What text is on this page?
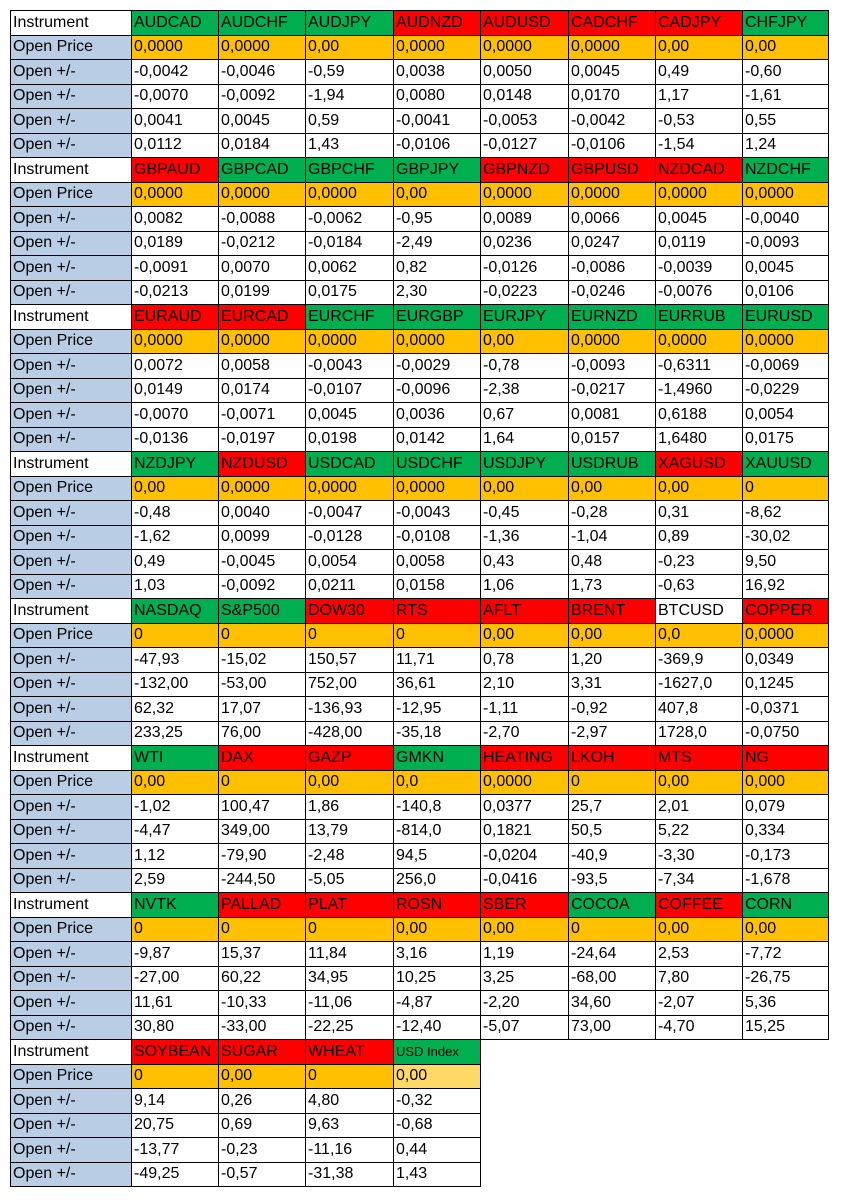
Instrument	AUDCAD	AUDCHF	AUDJPY	AUDNZD	AUDUSD	CADCHF	CADJPY	CHFJPY
Open Price	0,0000	0,0000	0,00	0,0000	0,0000	0,0000	0,00	0,00
Open +/-	-0,0042	-0,0046	-0,59	0,0038	0,0050	0,0045	0,49	-0,60
Open +/-	-0,0070	-0,0092	-1,94	0,0080	0,0148	0,0170	1,17	-1,61
Open +/-	0,0041	0,0045	0,59	-0,0041	-0,0053	-0,0042	-0,53	0,55
Open +/-	0,0112	0,0184	1,43	-0,0106	-0,0127	-0,0106	-1,54	1,24
Instrument	GBPAUD	GBPCAD	GBPCHF	GBPJPY	GBPNZD	GBPUSD	NZDCAD	NZDCHF
Open Price	0,0000	0,0000	0,0000	0,00	0,0000	0,0000	0,0000	0,0000
Open +/-	0,0082	-0,0088	-0,0062	-0,95	0,0089	0,0066	0,0045	-0,0040
Open +/-	0,0189	-0,0212	-0,0184	-2,49	0,0236	0,0247	0,0119	-0,0093
Open +/-	-0,0091	0,0070	0,0062	0,82	-0,0126	-0,0086	-0,0039	0,0045
Open +/-	-0,0213	0,0199	0,0175	2,30	-0,0223	-0,0246	-0,0076	0,0106
Instrument	EURAUD	EURCAD	EURCHF	EURGBP	EURJPY	EURNZD	EURRUB	EURUSD
Open Price	0,0000	0,0000	0,0000	0,0000	0,00	0,0000	0,0000	0,0000
Open +/-	0,0072	0,0058	-0,0043	-0,0029	-0,78	-0,0093	-0,6311	-0,0069
Open +/-	0,0149	0,0174	-0,0107	-0,0096	-2,38	-0,0217	-1,4960	-0,0229
Open +/-	-0,0070	-0,0071	0,0045	0,0036	0,67	0,0081	0,6188	0,0054
Open +/-	-0,0136	-0,0197	0,0198	0,0142	1,64	0,0157	1,6480	0,0175
Instrument	NZDJPY	NZDUSD	USDCAD	USDCHF	USDJPY	USDRUB	XAGUSD	XAUUSD
Open Price	0,00	0,0000	0,0000	0,0000	0,00	0,00	0,00	0
Open +/-	-0,48	0,0040	-0,0047	-0,0043	-0,45	-0,28	0,31	-8,62
Open +/-	-1,62	0,0099	-0,0128	-0,0108	-1,36	-1,04	0,89	-30,02
Open +/-	0,49	-0,0045	0,0054	0,0058	0,43	0,48	-0,23	9,50
Open +/-	1,03	-0,0092	0,0211	0,0158	1,06	1,73	-0,63	16,92
Instrument	NASDAQ	S&P500	DOW30	RTS	AFLT	BRENT	BTCUSD	COPPER
Open Price	0	0	0	0	0,00	0,00	0,0	0,0000
Open +/-	-47,93	-15,02	150,57	11,71	0,78	1,20	-369,9	0,0349
Open +/-	-132,00	-53,00	752,00	36,61	2,10	3,31	-1627,0	0,1245
Open +/-	62,32	17,07	-136,93	-12,95	-1,11	-0,92	407,8	-0,0371
Open +/-	233,25	76,00	-428,00	-35,18	-2,70	-2,97	1728,0	-0,0750
Instrument	WTI	DAX	GAZP	GMKN	HEATING	LKOH	MTS	NG
Open Price	0,00	0	0,00	0,0	0,0000	0	0,00	0,000
Open +/-	-1,02	100,47	1,86	-140,8	0,0377	25,7	2,01	0,079
Open +/-	-4,47	349,00	13,79	-814,0	0,1821	50,5	5,22	0,334
Open +/-	1,12	-79,90	-2,48	94,5	-0,0204	-40,9	-3,30	-0,173
Open +/-	2,59	-244,50	-5,05	256,0	-0,0416	-93,5	-7,34	-1,678
Instrument	NVTK	PALLAD	PLAT	ROSN	SBER	COCOA	COFFEE	CORN
Open Price	0	0	0	0,00	0,00	0	0,00	0,00
Open +/-	-9,87	15,37	11,84	3,16	1,19	-24,64	2,53	-7,72
Open +/-	-27,00	60,22	34,95	10,25	3,25	-68,00	7,80	-26,75
Open +/-	11,61	-10,33	-11,06	-4,87	-2,20	34,60	-2,07	5,36
Open +/-	30,80	-33,00	-22,25	-12,40	-5,07	73,00	-4,70	15,25
Instrument	SOYBEAN	SUGAR	WHEAT	USD Index				
Open Price	0	0,00	0	0,00				
Open +/-	9,14	0,26	4,80	-0,32				
Open +/-	20,75	0,69	9,63	-0,68				
Open +/-	-13,77	-0,23	-11,16	0,44				
Open +/-	-49,25	-0,57	-31,38	1,43				
